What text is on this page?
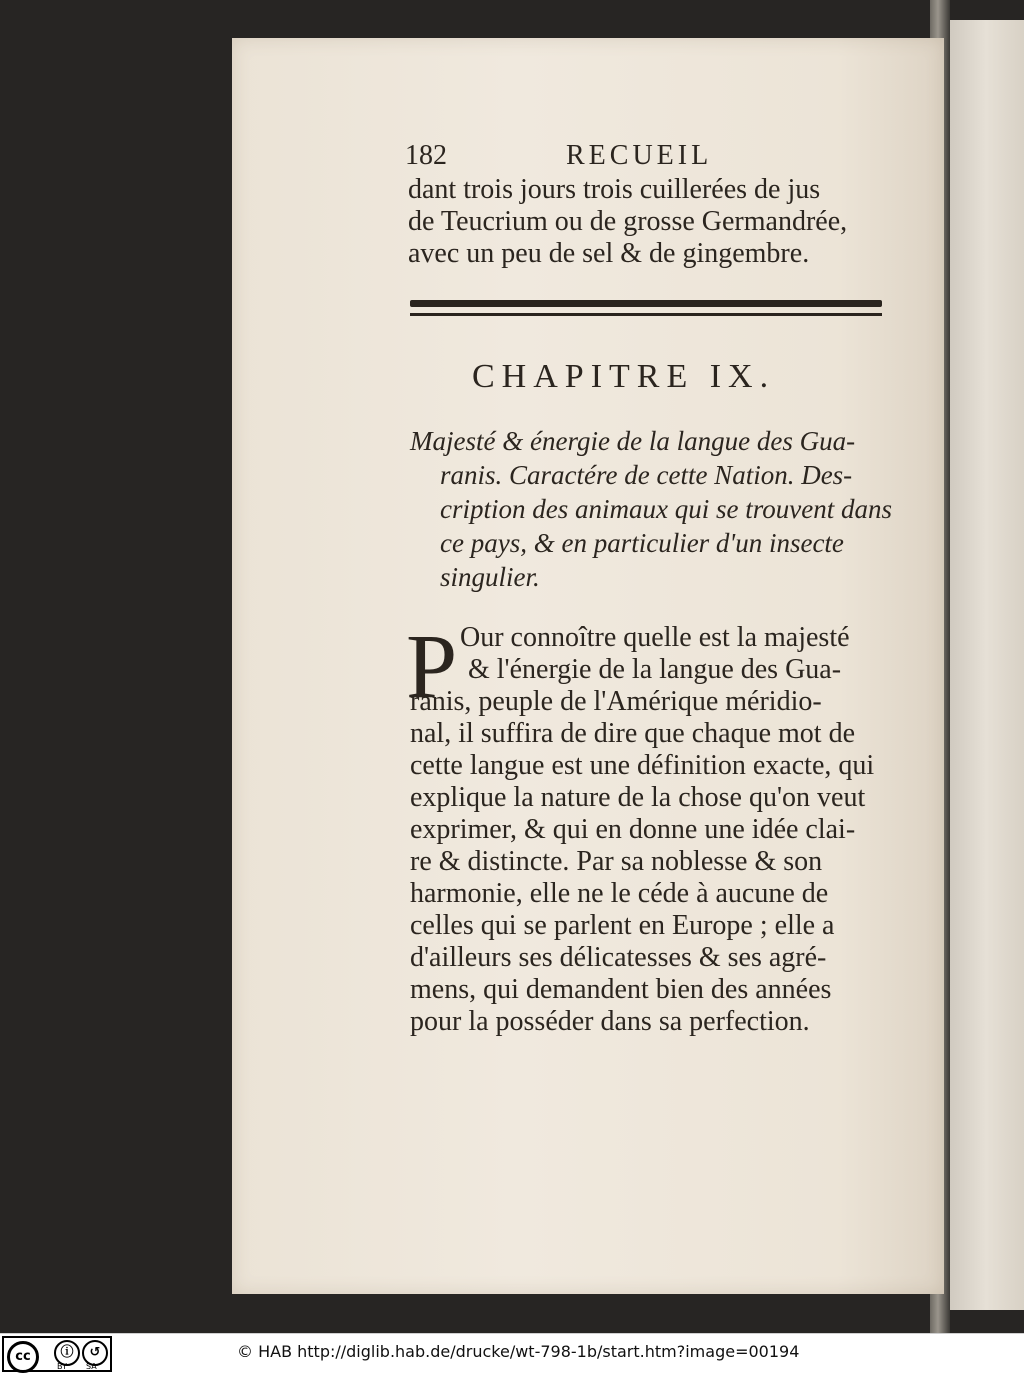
182	RECUEIL
dant trois jours trois cuillerées de jus
de Teucrium ou de grosse Germandrée,
avec un peu de sel & de gingembre.
CHAPITRE IX.
Majesté & énergie de la langue des Gua-
ranis. Caractére de cette Nation. Des-
cription des animaux qui se trouvent dans
ce pays, & en particulier d'un insecte
singulier.
P Our connoître quelle est la majesté
& l'énergie de la langue des Gua-
ranis, peuple de l'Amérique méridio-
nal, il suffira de dire que chaque mot de
cette langue est une définition exacte, qui
explique la nature de la chose qu'on veut
exprimer, & qui en donne une idée clai-
re & distincte. Par sa noblesse & son
harmonie, elle ne le céde à aucune de
celles qui se parlent en Europe ; elle a
d'ailleurs ses délicatesses & ses agré-
mens, qui demandent bien des années
pour la posséder dans sa perfection.
cc	ⓘ	↺
BY SA
© HAB http://diglib.hab.de/drucke/wt-798-1b/start.htm?image=00194
